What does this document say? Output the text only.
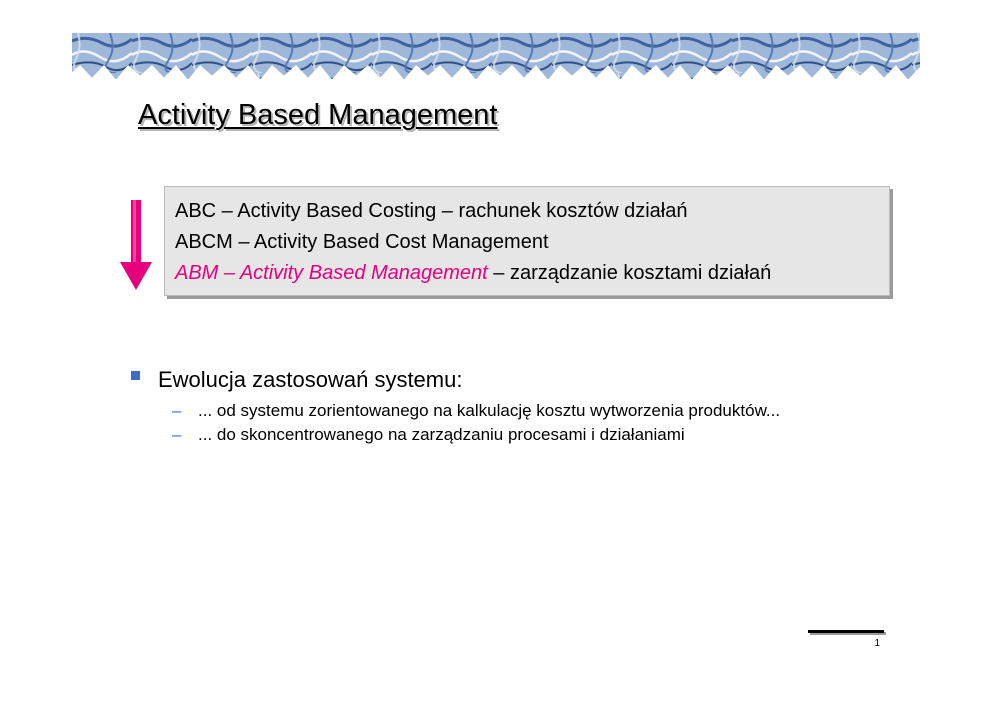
Activity Based Management
ABC – Activity Based Costing – rachunek kosztów działań
ABCM – Activity Based Cost Management
ABM – Activity Based Management – zarządzanie kosztami działań
Ewolucja zastosowań systemu:
– ... od systemu zorientowanego na kalkulację kosztu wytworzenia produktów...
– ... do skoncentrowanego na zarządzaniu procesami i działaniami
1
